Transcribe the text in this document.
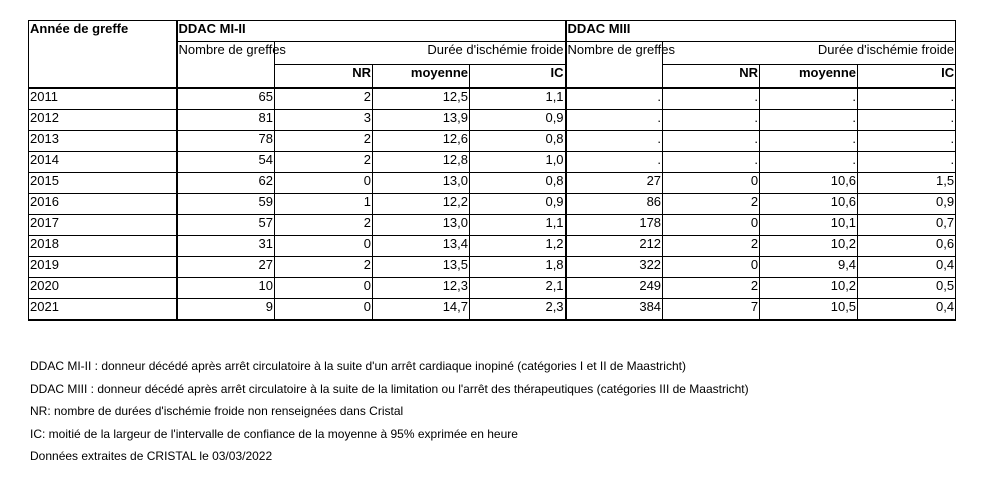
Année de greffe	DDAC MI-II				DDAC MIII			
	Nombre de greffes	Durée d'ischémie froide			Nombre de greffes	Durée d'ischémie froide		
		NR	moyenne	IC		NR	moyenne	IC
2011	65	2	12,5	1,1	.	.	.	.
2012	81	3	13,9	0,9	.	.	.	.
2013	78	2	12,6	0,8	.	.	.	.
2014	54	2	12,8	1,0	.	.	.	.
2015	62	0	13,0	0,8	27	0	10,6	1,5
2016	59	1	12,2	0,9	86	2	10,6	0,9
2017	57	2	13,0	1,1	178	0	10,1	0,7
2018	31	0	13,4	1,2	212	2	10,2	0,6
2019	27	2	13,5	1,8	322	0	9,4	0,4
2020	10	0	12,3	2,1	249	2	10,2	0,5
2021	9	0	14,7	2,3	384	7	10,5	0,4
DDAC MI-II : donneur décédé après arrêt circulatoire à la suite d'un arrêt cardiaque inopiné (catégories I et II de Maastricht)
DDAC MIII : donneur décédé après arrêt circulatoire à la suite de la limitation ou l'arrêt des thérapeutiques (catégories III de Maastricht)
NR: nombre de durées d'ischémie froide non renseignées dans Cristal
IC: moitié de la largeur de l'intervalle de confiance de la moyenne à 95% exprimée en heure
Données extraites de CRISTAL le 03/03/2022
